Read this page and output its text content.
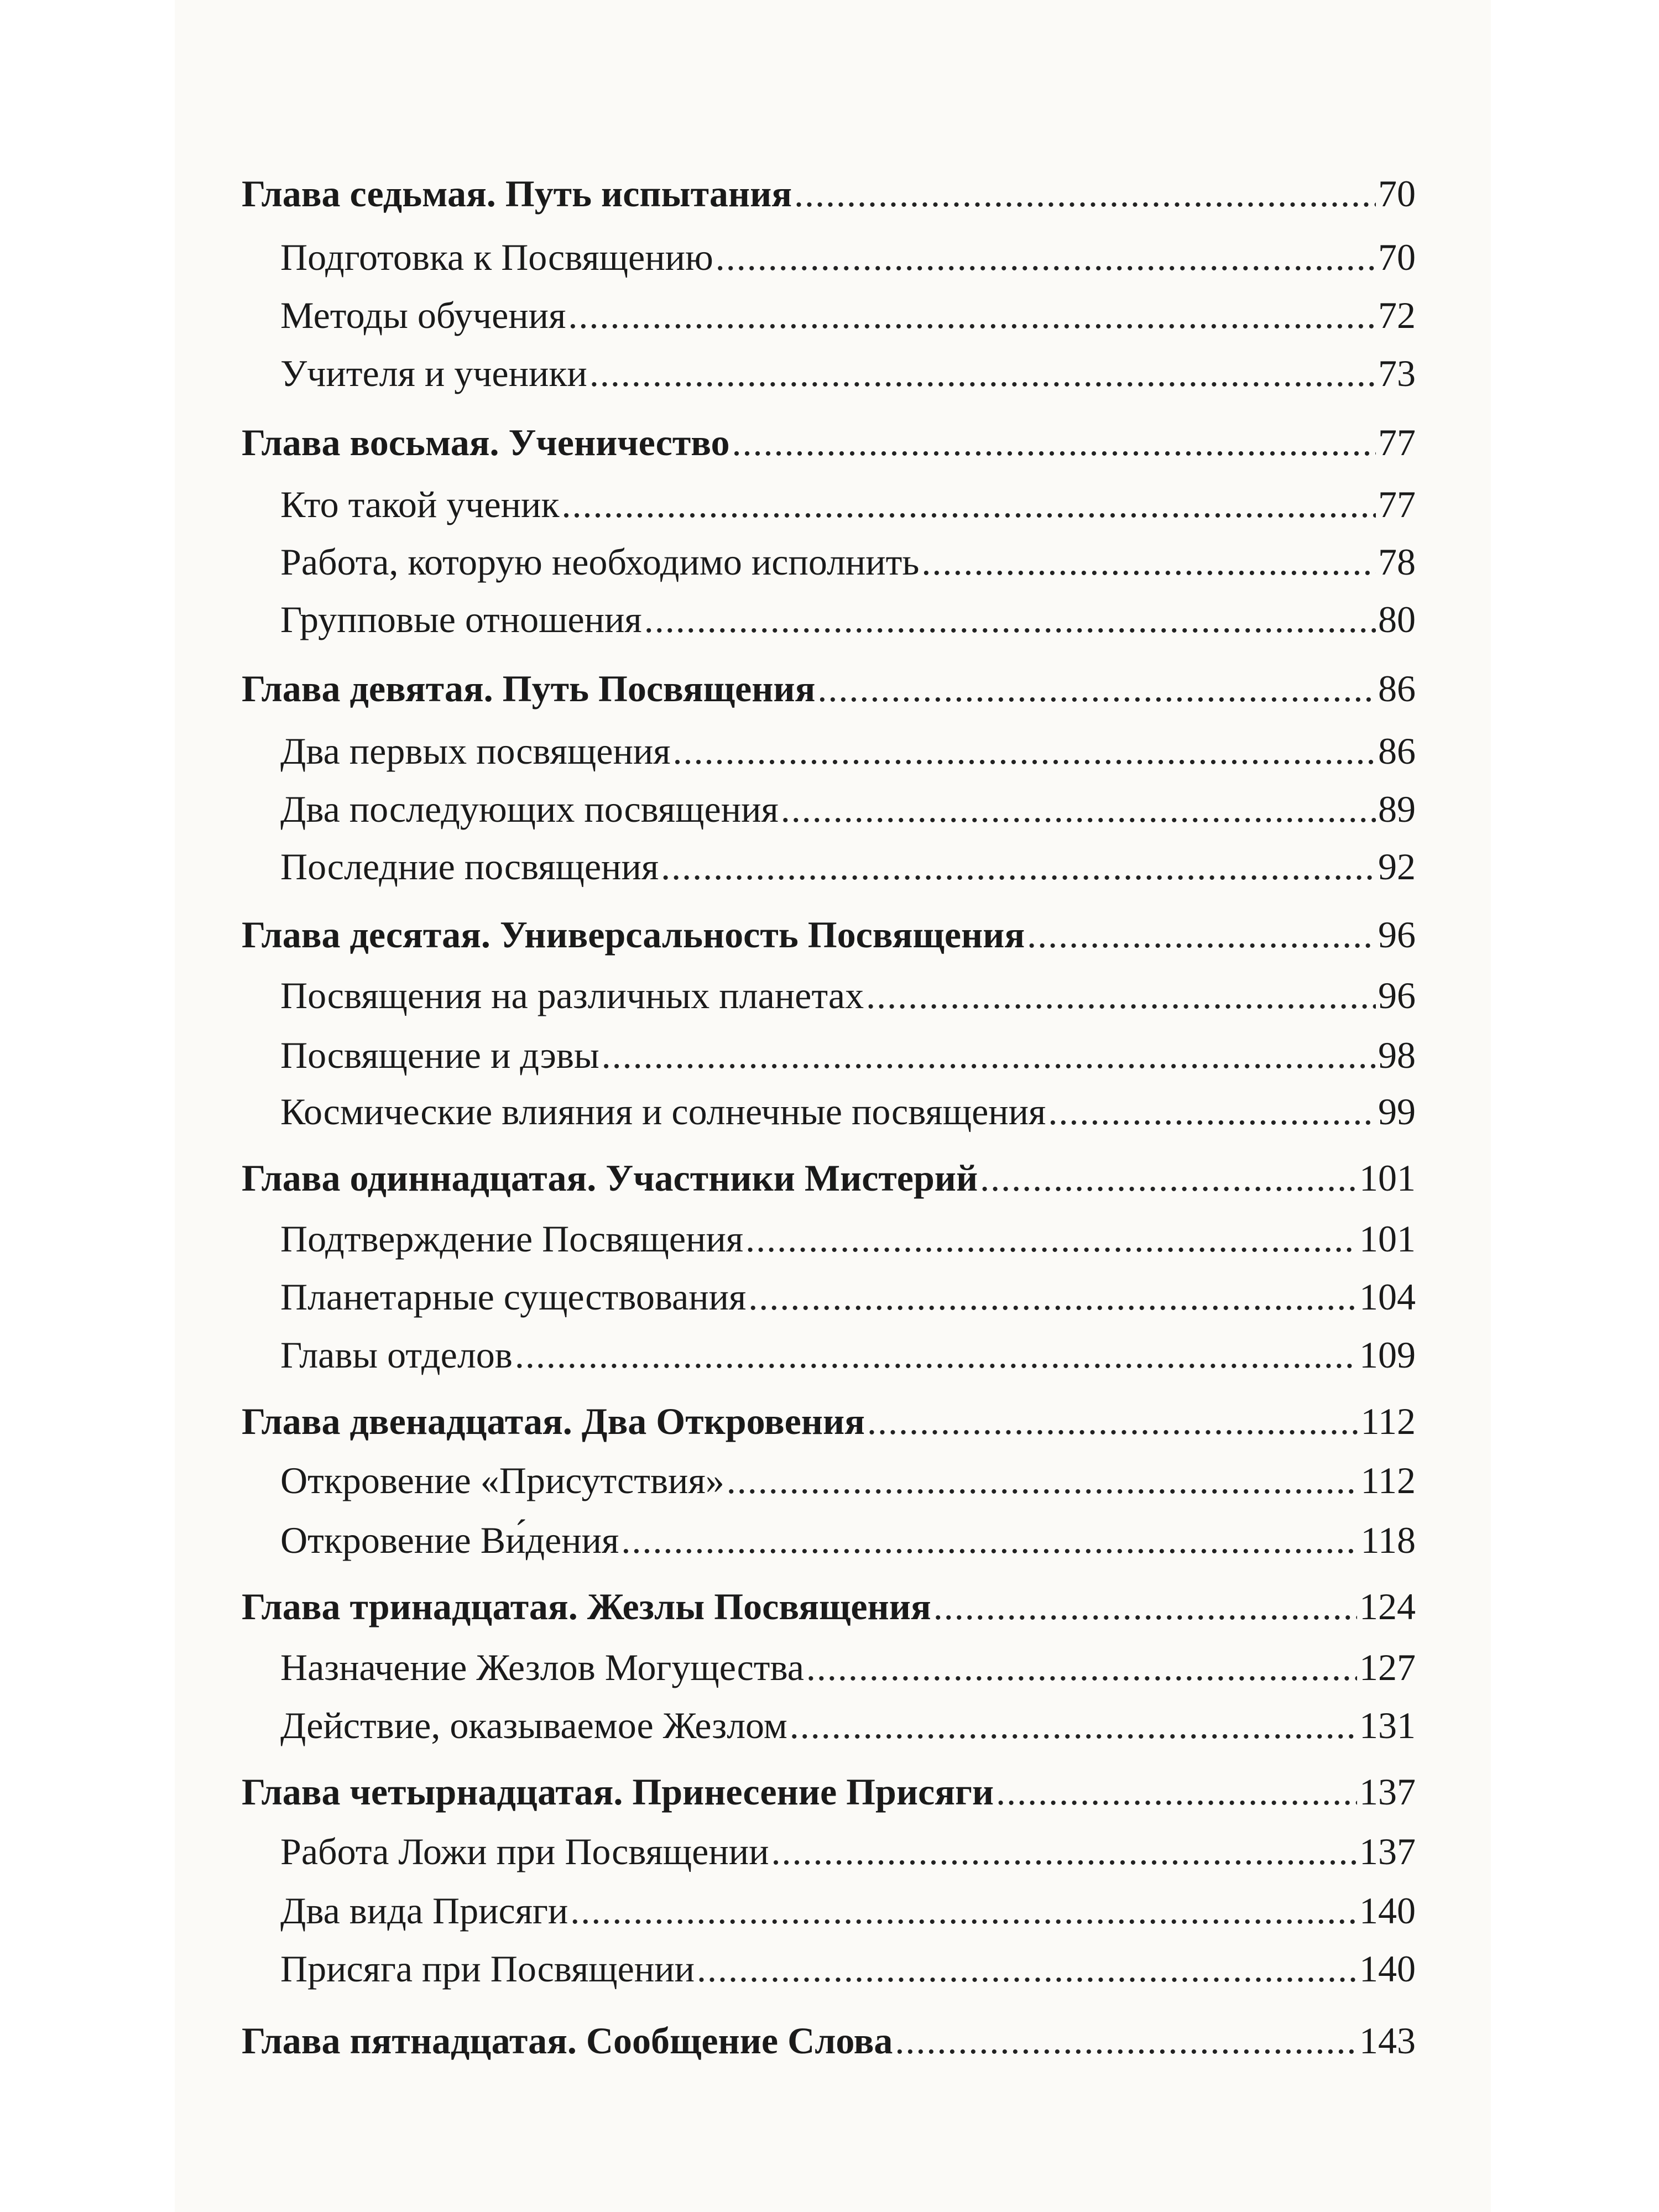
Глава седьмая. Путь испытания .....	70
Подготовка к Посвящению .....	70
Методы обучения .....	72
Учителя и ученики .....	73
Глава восьмая. Ученичество .....	77
Кто такой ученик .....	77
Работа, которую необходимо исполнить .....	78
Групповые отношения .....	80
Глава девятая. Путь Посвящения .....	86
Два первых посвящения .....	86
Два последующих посвящения .....	89
Последние посвящения .....	92
Глава десятая. Универсальность Посвящения .....	96
Посвящения на различных планетах .....	96
Посвящение и дэвы .....	98
Космические влияния и солнечные посвящения .....	99
Глава одиннадцатая. Участники Мистерий .....	101
Подтверждение Посвящения .....	101
Планетарные существования .....	104
Главы отделов .....	109
Глава двенадцатая. Два Откровения .....	112
Откровение «Присутствия» .....	112
Откровение Ви́дения .....	118
Глава тринадцатая. Жезлы Посвящения .....	124
Назначение Жезлов Могущества .....	127
Действие, оказываемое Жезлом .....	131
Глава четырнадцатая. Принесение Присяги .....	137
Работа Ложи при Посвящении .....	137
Два вида Присяги .....	140
Присяга при Посвящении .....	140
Глава пятнадцатая. Сообщение Слова .....	143
